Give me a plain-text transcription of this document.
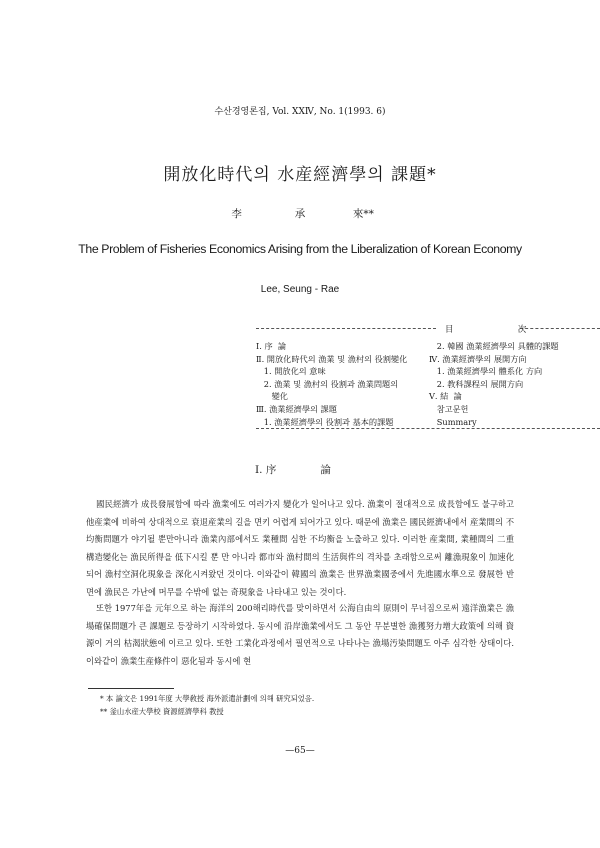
수산경영론집, Vol. ⅩⅩⅣ, No. 1(1993. 6)
開放化時代의 水産經濟學의 課題*
李	承	來**
The Problem of Fisheries Economics Arising from the Liberalization of Korean Economy
Lee, Seung - Rae
目	次
Ⅰ. 序  論
Ⅱ. 開放化時代의 漁業 및 漁村의 役割變化
1. 開放化의 意味
2. 漁業 및 漁村의 役割과 漁業問題의
變化
Ⅲ. 漁業經濟學의 課題
1. 漁業經濟學의 役割과 基本的課題
2. 韓國 漁業經濟學의 具體的課題
Ⅳ. 漁業經濟學의 展開方向
1. 漁業經濟學의 體系化 方向
2. 教科課程의 展開方向
Ⅴ. 結  論
참고문헌
Summary
Ⅰ. 序	論
國民經濟가 成長發展함에 따라 漁業에도 여러가지 變化가 일어나고 있다. 漁業이 절대적으로 成長함에도 불구하고 他産業에 비하여 상대적으로 衰退産業의 길을 면키 어렵게 되어가고 있다. 때문에 漁業은 國民經濟내에서 産業間의 不均衡問題가 야기될 뿐만아니라 漁業內部에서도 業種間 심한 不均衡을 노출하고 있다. 이러한 産業間, 業種間의 二重構造變化는 漁民所得을 低下시킬 뿐 만 아니라 都市와 漁村間의 生活與件의 격차를 초래함으로써 離漁現象이 加速化되어 漁村空洞化現象을 深化시켜왔던 것이다. 이와같이 韓國의 漁業은 世界漁業國중에서 先進國水準으로 發展한 반면에 漁民은 가난에 머무를 수밖에 없는 奇現象을 나타내고 있는 것이다.
또한 1977年을 元年으로 하는 海洋의 200해리時代를 맞이하면서 公海自由의 原則이 무너짐으로써 遠洋漁業은 漁場確保問題가 큰 課題로 등장하기 시작하였다. 동시에 沿岸漁業에서도 그 동안 무분별한 漁獲努力增大政策에 의해 資源이 거의 枯渴狀態에 이르고 있다. 또한 工業化과정에서 필연적으로 나타나는 漁場汚染問題도 아주 심각한 상태이다. 이와같이 漁業生産條件이 惡化됨과 동시에 현
* 本 論文은 1991年度 大學敎授 海外派遣計劃에 의해 研究되었음.
** 釜山水産大學校 資源經濟學科 教授
—65—
